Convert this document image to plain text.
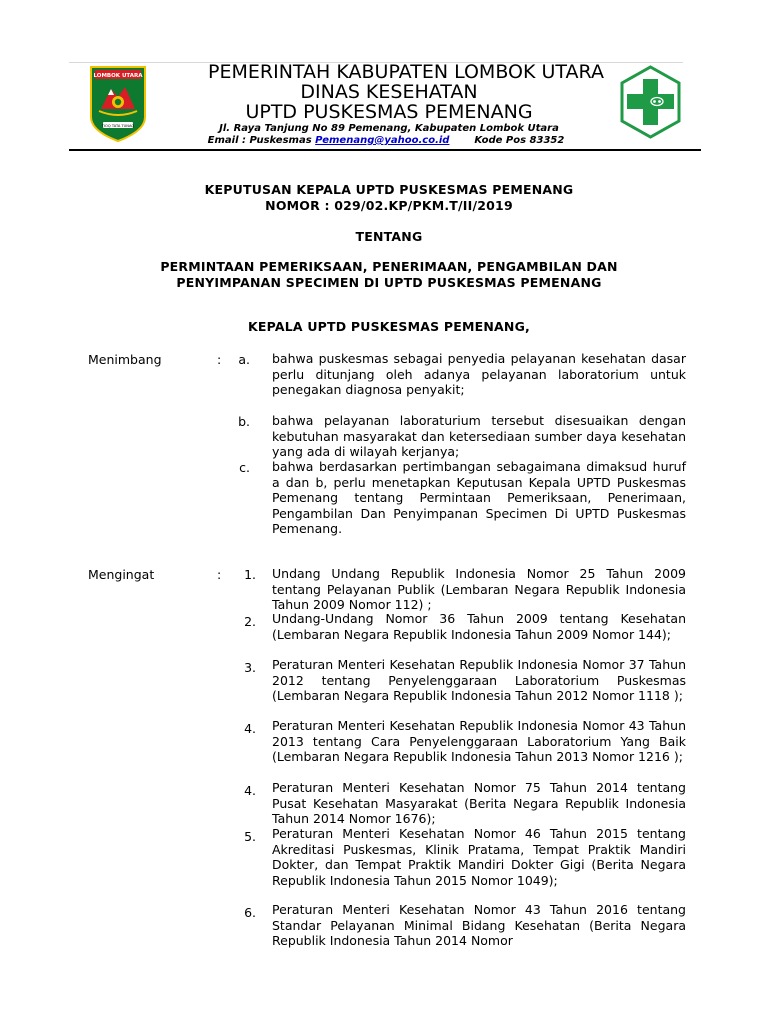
LOMBOK UTARA
TIOQ TATA TUNAQ
PEMERINTAH KABUPATEN LOMBOK UTARA
DINAS KESEHATAN
UPTD PUSKESMAS PEMENANG
Jl. Raya Tanjung No 89 Pemenang, Kabupaten Lombok Utara
Email : Puskesmas Pemenang@yahoo.co.id Kode Pos 83352
KEPUTUSAN KEPALA UPTD PUSKESMAS PEMENANG
NOMOR : 029/02.KP/PKM.T/II/2019
TENTANG
PERMINTAAN PEMERIKSAAN, PENERIMAAN, PENGAMBILAN DAN
PENYIMPANAN SPECIMEN DI UPTD PUSKESMAS PEMENANG
KEPALA UPTD PUSKESMAS PEMENANG,
Menimbang	:	a. bahwa puskesmas sebagai penyedia pelayanan kesehatan dasar perlu ditunjang oleh adanya pelayanan laboratorium untuk penegakan diagnosa penyakit;
b. bahwa pelayanan laboraturium tersebut disesuaikan dengan kebutuhan masyarakat dan ketersediaan sumber daya kesehatan yang ada di wilayah kerjanya;
c. bahwa berdasarkan pertimbangan sebagaimana dimaksud huruf a dan b, perlu menetapkan Keputusan Kepala UPTD Puskesmas Pemenang tentang Permintaan Pemeriksaan, Penerimaan, Pengambilan Dan Penyimpanan Specimen Di UPTD Puskesmas Pemenang.
Mengingat	:	1. Undang Undang Republik Indonesia Nomor 25 Tahun 2009 tentang Pelayanan Publik (Lembaran Negara Republik Indonesia Tahun 2009 Nomor 112) ;
2. Undang-Undang Nomor 36 Tahun 2009 tentang Kesehatan (Lembaran Negara Republik Indonesia Tahun 2009 Nomor 144);
3. Peraturan Menteri Kesehatan Republik Indonesia Nomor 37 Tahun 2012 tentang Penyelenggaraan Laboratorium Puskesmas (Lembaran Negara Republik Indonesia Tahun 2012 Nomor 1118 );
4. Peraturan Menteri Kesehatan Republik Indonesia Nomor 43 Tahun 2013 tentang Cara Penyelenggaraan Laboratorium Yang Baik (Lembaran Negara Republik Indonesia Tahun 2013 Nomor 1216 );
4. Peraturan Menteri Kesehatan Nomor 75 Tahun 2014 tentang Pusat Kesehatan Masyarakat (Berita Negara Republik Indonesia Tahun 2014 Nomor 1676);
5. Peraturan Menteri Kesehatan Nomor 46 Tahun 2015 tentang Akreditasi Puskesmas, Klinik Pratama, Tempat Praktik Mandiri Dokter, dan Tempat Praktik Mandiri Dokter Gigi (Berita Negara Republik Indonesia Tahun 2015 Nomor 1049);
6. Peraturan Menteri Kesehatan Nomor 43 Tahun 2016 tentang Standar Pelayanan Minimal Bidang Kesehatan (Berita Negara Republik Indonesia Tahun 2014 Nomor
